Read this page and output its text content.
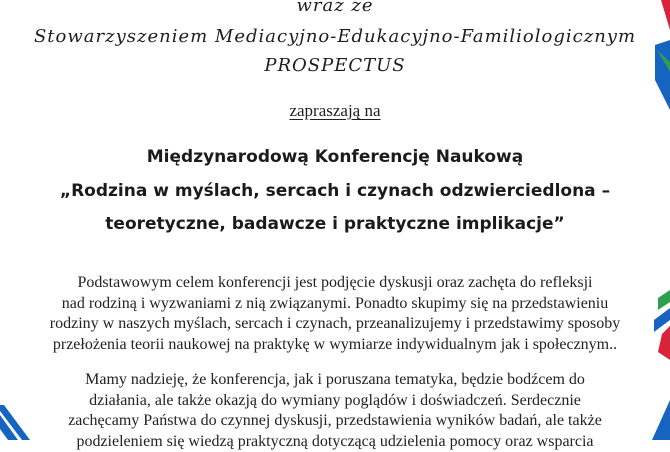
wraz ze
Stowarzyszeniem Mediacyjno-Edukacyjno-Familiologicznym
PROSPECTUS
zapraszają na
Międzynarodową Konferencję Naukową
„Rodzina w myślach, sercach i czynach odzwierciedlona –
teoretyczne, badawcze i praktyczne implikacje”
Podstawowym celem konferencji jest podjęcie dyskusji oraz zachęta do refleksji
nad rodziną i wyzwaniami z nią związanymi. Ponadto skupimy się na przedstawieniu
rodziny w naszych myślach, sercach i czynach, przeanalizujemy i przedstawimy sposoby
przełożenia teorii naukowej na praktykę w wymiarze indywidualnym jak i społecznym..
Mamy nadzieję, że konferencja, jak i poruszana tematyka, będzie bodźcem do
działania, ale także okazją do wymiany poglądów i doświadczeń. Serdecznie
zachęcamy Państwa do czynnej dyskusji, przedstawienia wyników badań, ale także
podzieleniem się wiedzą praktyczną dotyczącą udzielenia pomocy oraz wsparcia
